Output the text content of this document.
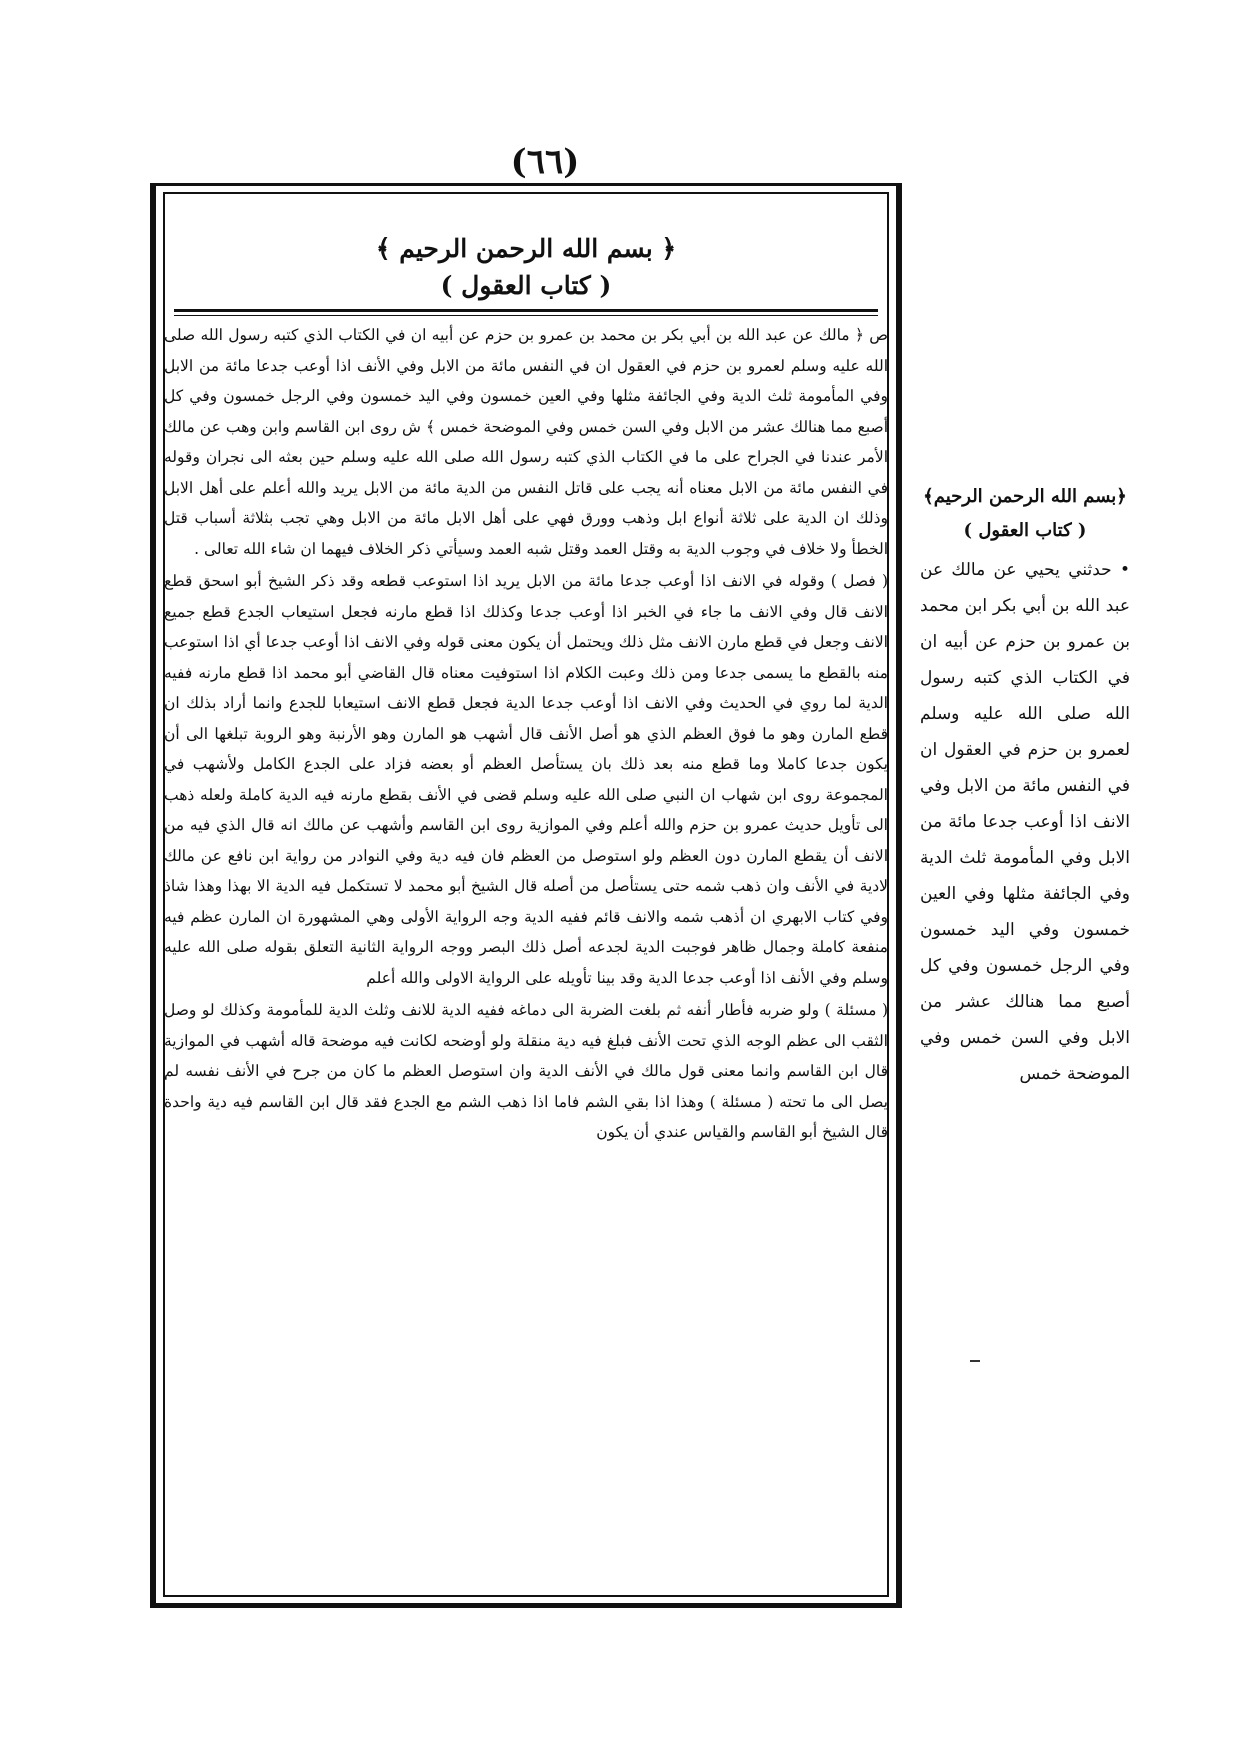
(٦٦)
﴿ بسم الله الرحمن الرحيم ﴾
( كتاب العقول )

ص ﴿ مالك عن عبد الله بن أبي بكر بن محمد بن عمرو بن حزم عن أبيه ان في الكتاب الذي كتبه رسول الله صلى الله عليه وسلم لعمرو بن حزم في العقول ان في النفس مائة من الابل وفي الأنف اذا أوعب جدعا مائة من الابل وفي المأمومة ثلث الدية وفي الجائفة مثلها وفي العين خمسون وفي اليد خمسون وفي الرجل خمسون وفي كل أصبع مما هنالك عشر من الابل وفي السن خمس وفي الموضحة خمس ﴾ ش روى ابن القاسم وابن وهب عن مالك الأمر عندنا في الجراح على ما في الكتاب الذي كتبه رسول الله صلى الله عليه وسلم حين بعثه الى نجران وقوله في النفس مائة من الابل معناه أنه يجب على قاتل النفس من الدية مائة من الابل يريد والله أعلم على أهل الابل وذلك ان الدية على ثلاثة أنواع ابل وذهب وورق فهي على أهل الابل مائة من الابل وهي تجب بثلاثة أسباب قتل الخطأ ولا خلاف في وجوب الدية به وقتل العمد وقتل شبه العمد وسيأتي ذكر الخلاف فيهما ان شاء الله تعالى .

( فصل ) وقوله في الانف اذا أوعب جدعا مائة من الابل يريد اذا استوعب قطعه وقد ذكر الشيخ أبو اسحق قطع الانف قال وفي الانف ما جاء في الخبر اذا أوعب جدعا وكذلك اذا قطع مارنه فجعل استيعاب الجدع قطع جميع الانف وجعل في قطع مارن الانف مثل ذلك ويحتمل أن يكون معنى قوله وفي الانف اذا أوعب جدعا أي اذا استوعب منه بالقطع ما يسمى جدعا ومن ذلك وعبت الكلام اذا استوفيت معناه قال القاضي أبو محمد اذا قطع مارنه ففيه الدية لما روي في الحديث وفي الانف اذا أوعب جدعا الدية فجعل قطع الانف استيعابا للجدع وانما أراد بذلك ان قطع المارن وهو ما فوق العظم الذي هو أصل الأنف قال أشهب هو المارن وهو الأرنبة وهو الروبة تبلغها الى أن يكون جدعا كاملا وما قطع منه بعد ذلك بان يستأصل العظم أو بعضه فزاد على الجدع الكامل ولأشهب في المجموعة روى ابن شهاب ان النبي صلى الله عليه وسلم قضى في الأنف بقطع مارنه فيه الدية كاملة ولعله ذهب الى تأويل حديث عمرو بن حزم والله أعلم وفي الموازية روى ابن القاسم وأشهب عن مالك انه قال الذي فيه من الانف أن يقطع المارن دون العظم ولو استوصل من العظم فان فيه دية وفي النوادر من رواية ابن نافع عن مالك لادية في الأنف وان ذهب شمه حتى يستأصل من أصله قال الشيخ أبو محمد لا تستكمل فيه الدية الا بهذا وهذا شاذ وفي كتاب الابهري ان أذهب شمه والانف قائم ففيه الدية وجه الرواية الأولى وهي المشهورة ان المارن عظم فيه منفعة كاملة وجمال ظاهر فوجبت الدية لجدعه أصل ذلك البصر ووجه الرواية الثانية التعلق بقوله صلى الله عليه وسلم وفي الأنف اذا أوعب جدعا الدية وقد بينا تأويله على الرواية الاولى والله أعلم

( مسئلة ) ولو ضربه فأطار أنفه ثم بلغت الضربة الى دماغه ففيه الدية للانف وثلث الدية للمأمومة وكذلك لو وصل الثقب الى عظم الوجه الذي تحت الأنف فبلغ فيه دية منقلة ولو أوضحه لكانت فيه موضحة قاله أشهب في الموازية قال ابن القاسم وانما معنى قول مالك في الأنف الدية وان استوصل العظم ما كان من جرح في الأنف نفسه لم يصل الى ما تحته ( مسئلة ) وهذا اذا بقي الشم فاما اذا ذهب الشم مع الجدع فقد قال ابن القاسم فيه دية واحدة قال الشيخ أبو القاسم والقياس عندي أن يكون

﴿بسم الله الرحمن الرحيم﴾
( كتاب العقول )
• حدثني يحيي عن مالك عن عبد الله بن أبي بكر ابن محمد بن عمرو بن حزم عن أبيه ان في الكتاب الذي كتبه رسول الله صلى الله عليه وسلم لعمرو بن حزم في العقول ان في النفس مائة من الابل وفي الانف اذا أوعب جدعا مائة من الابل وفي المأمومة ثلث الدية وفي الجائفة مثلها وفي العين خمسون وفي اليد خمسون وفي الرجل خمسون وفي كل أصبع مما هنالك عشر من الابل وفي السن خمس وفي الموضحة خمس
